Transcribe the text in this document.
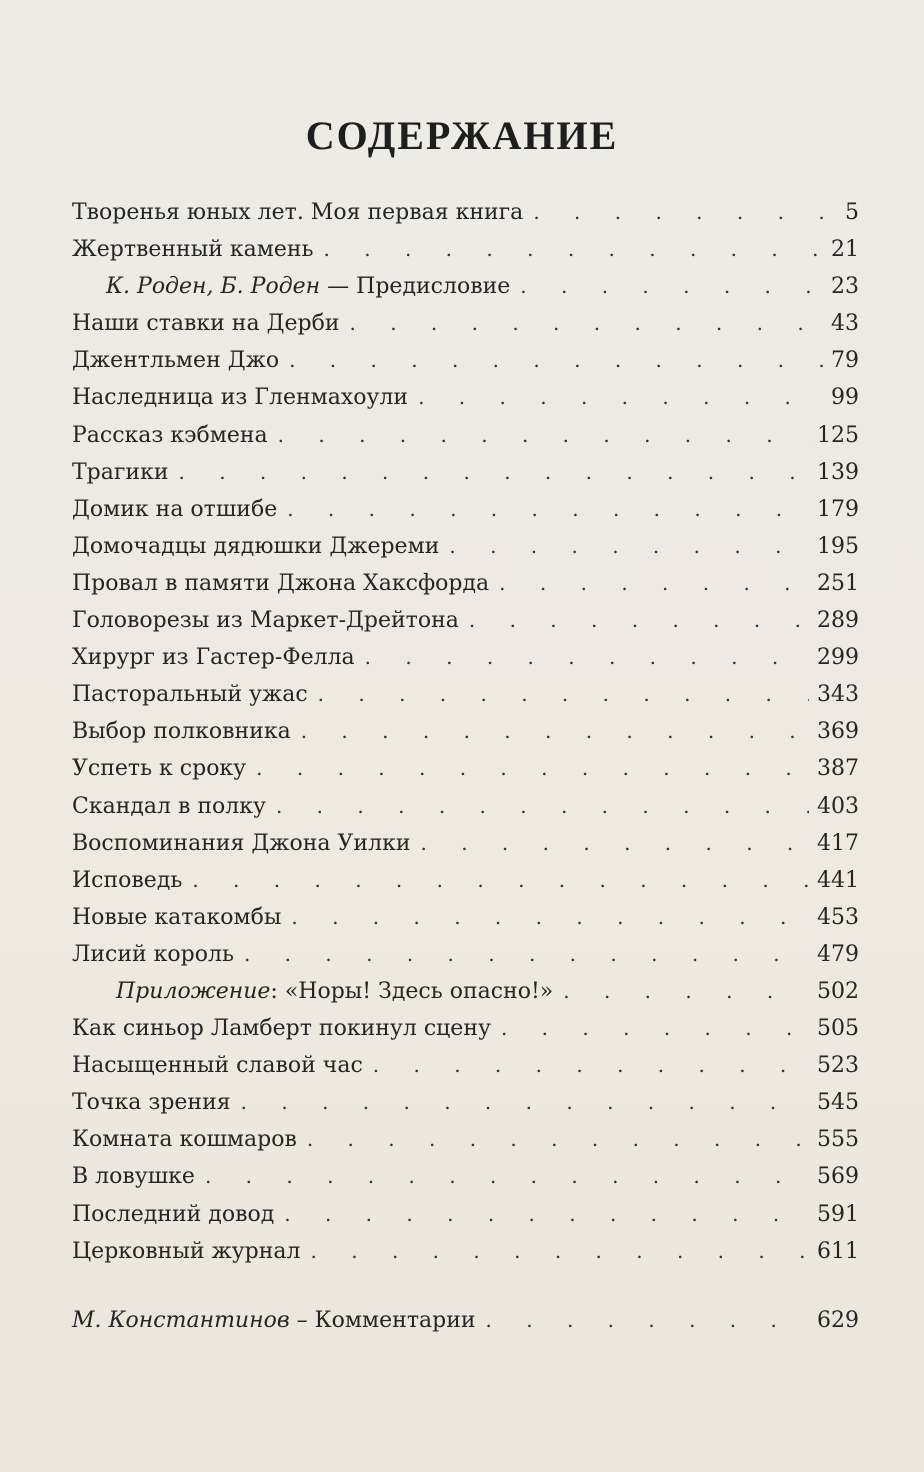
СОДЕРЖАНИЕ
Творенья юных лет. Моя первая книга . . .	5
Жертвенный камень . . .	21
К. Роден, Б. Роден — Предисловие . . .	23
Наши ставки на Дерби . . .	43
Джентльмен Джо . . .	79
Наследница из Гленмахоули . . .	99
Рассказ кэбмена . . .	125
Трагики . . .	139
Домик на отшибе . . .	179
Домочадцы дядюшки Джереми . . .	195
Провал в памяти Джона Хаксфорда . . .	251
Головорезы из Маркет-Дрейтона . . .	289
Хирург из Гастер-Фелла . . .	299
Пасторальный ужас . . .	343
Выбор полковника . . .	369
Успеть к сроку . . .	387
Скандал в полку . . .	403
Воспоминания Джона Уилки . . .	417
Исповедь . . .	441
Новые катакомбы . . .	453
Лисий король . . .	479
Приложение: «Норы! Здесь опасно!» . . .	502
Как синьор Ламберт покинул сцену . . .	505
Насыщенный славой час . . .	523
Точка зрения . . .	545
Комната кошмаров . . .	555
В ловушке . . .	569
Последний довод . . .	591
Церковный журнал . . .	611
М. Константинов – Комментарии . . .	629
